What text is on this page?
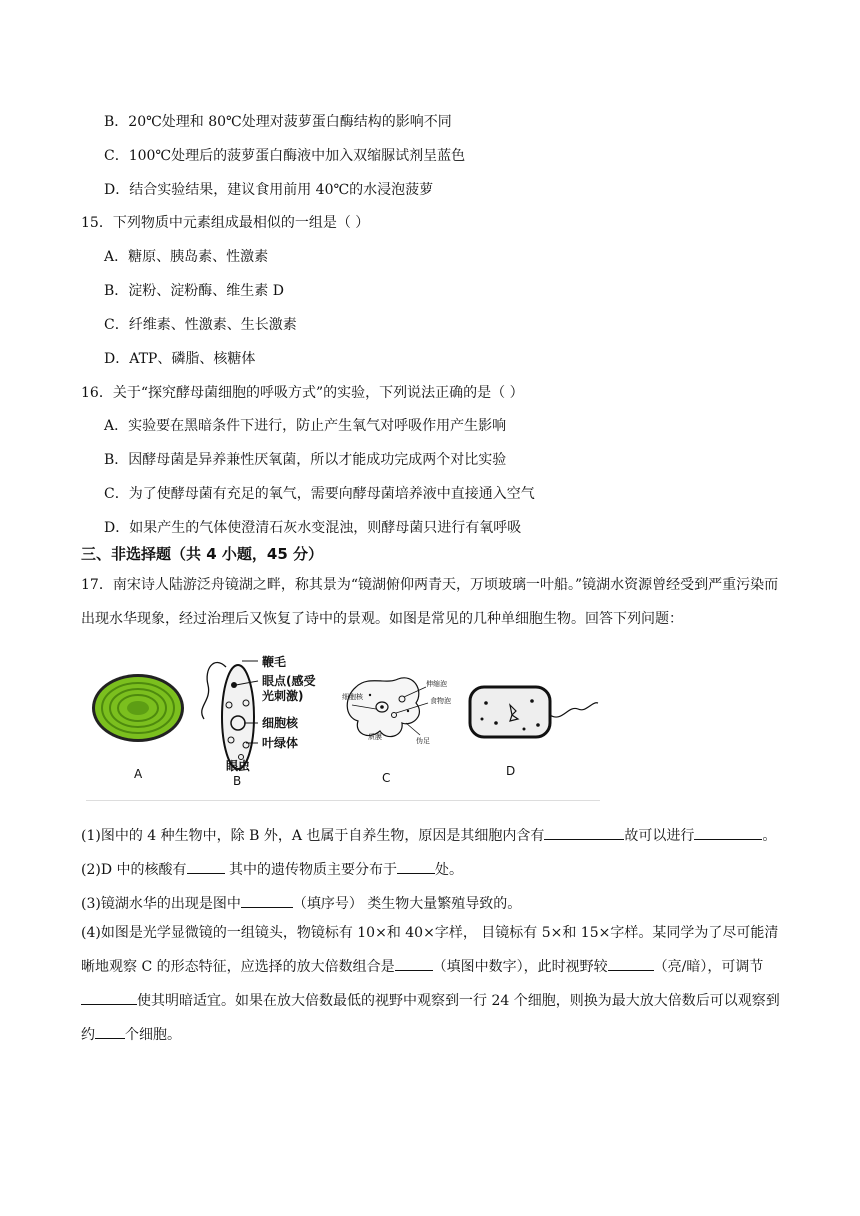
B．20℃处理和 80℃处理对菠萝蛋白酶结构的影响不同
C．100℃处理后的菠萝蛋白酶液中加入双缩脲试剂呈蓝色
D．结合实验结果，建议食用前用 40℃的水浸泡菠萝
15．下列物质中元素组成最相似的一组是（ ）
A．糖原、胰岛素、性激素
B．淀粉、淀粉酶、维生素 D
C．纤维素、性激素、生长激素
D．ATP、磷脂、核糖体
16．关于“探究酵母菌细胞的呼吸方式”的实验，下列说法正确的是（ ）
A．实验要在黑暗条件下进行，防止产生氧气对呼吸作用产生影响
B．因酵母菌是异养兼性厌氧菌，所以才能成功完成两个对比实验
C．为了使酵母菌有充足的氧气，需要向酵母菌培养液中直接通入空气
D．如果产生的气体使澄清石灰水变混浊，则酵母菌只进行有氧呼吸
三、非选择题（共 4 小题，45 分）
17．南宋诗人陆游泛舟镜湖之畔，称其景为“镜湖俯仰两青天，万顷玻璃一叶船。”镜湖水资源曾经受到严重污染而出现水华现象，经过治理后又恢复了诗中的景观。如图是常见的几种单细胞生物。回答下列问题：
A
鞭毛
眼点(感受
光刺激)
细胞核
叶绿体
眼虫
B
伸缩泡
食物泡
细胞核
质膜	伪足
C	D
(1)图中的 4 种生物中，除 B 外，A 也属于自养生物，原因是其细胞内含有	故可以进行	。
(2)D 中的核酸有	其中的遗传物质主要分布于	处。
(3)镜湖水华的出现是图中	（填序号） 类生物大量繁殖导致的。
(4)如图是光学显微镜的一组镜头，物镜标有 10×和 40×字样， 目镜标有 5×和 15×字样。某同学为了尽可能清晰地观察 C 的形态特征，应选择的放大倍数组合是	（填图中数字），此时视野较	（亮/暗），可调节使其明暗适宜。如果在放大倍数最低的视野中观察到一行 24 个细胞，则换为最大放大倍数后可以观察到约 个细胞。
